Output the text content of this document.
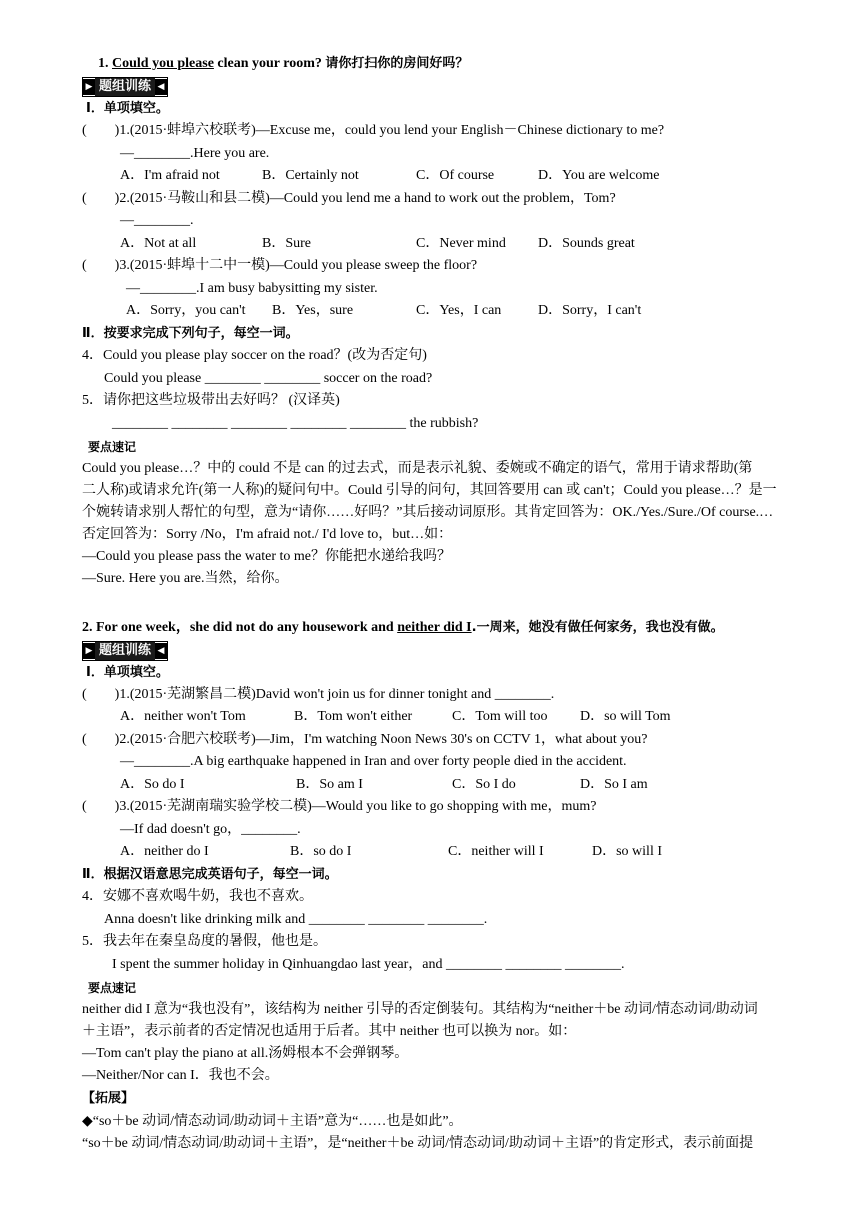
1. Could you please clean your room? 请你打扫你的房间好吗？
▶ 题组训练 ◀
Ⅰ．单项填空。
(　　)1.(2015·蚌埠六校联考)—Excuse me，could you lend your English－Chinese dictionary to me?
—________.Here you are.
A．I'm afraid not	B．Certainly not	C．Of course	D．You are welcome
(　　)2.(2015·马鞍山和县二模)—Could you lend me a hand to work out the problem，Tom?
—________.
A．Not at all	B．Sure	C．Never mind D．Sounds great
(　　)3.(2015·蚌埠十二中一模)—Could you please sweep the floor?
—________.I am busy babysitting my sister.
A．Sorry，you can't B．Yes，sure	C．Yes，I can	D．Sorry，I can't
Ⅱ．按要求完成下列句子，每空一词。
4．Could you please play soccer on the road？(改为否定句)
Could you please ________ ________ soccer on the road?
5．请你把这些垃圾带出去好吗？ (汉译英)
________ ________ ________ ________ ________ the rubbish?
要点速记
Could you please…？中的 could 不是 can 的过去式，而是表示礼貌、委婉或不确定的语气，常用于请求帮助(第
二人称)或请求允许(第一人称)的疑问句中。Could 引导的问句，其回答要用 can 或 can't；Could you please…？是一
个婉转请求别人帮忙的句型，意为“请你……好吗？”其后接动词原形。其肯定回答为：OK./Yes./Sure./Of course.…
否定回答为：Sorry /No，I'm afraid not./ I'd love to，but…如：
—Could you please pass the water to me？你能把水递给我吗？
—Sure. Here you are.当然，给你。
2. For one week，she did not do any housework and neither did I.一周来，她没有做任何家务，我也没有做。
▶ 题组训练 ◀
Ⅰ．单项填空。
(　　)1.(2015·芜湖繁昌二模)David won't join us for dinner tonight and ________.
A．neither won't Tom	B．Tom won't either	C．Tom will too D．so will Tom
(　　)2.(2015·合肥六校联考)—Jim，I'm watching Noon News 30's on CCTV 1，what about you?
—________.A big earthquake happened in Iran and over forty people died in the accident.
A．So do I	B．So am I	C．So I do	D．So I am
(　　)3.(2015·芜湖南瑞实验学校二模)—Would you like to go shopping with me，mum?
—If dad doesn't go，________.
A．neither do I	B．so do I	C．neither will I	D．so will I
Ⅱ．根据汉语意思完成英语句子，每空一词。
4．安娜不喜欢喝牛奶，我也不喜欢。
Anna doesn't like drinking milk and ________ ________ ________.
5．我去年在秦皇岛度的暑假，他也是。
I spent the summer holiday in Qinhuangdao last year，and ________ ________ ________.
要点速记
neither did I 意为“我也没有”，该结构为 neither 引导的否定倒装句。其结构为“neither＋be 动词/情态动词/助动词
＋主语”，表示前者的否定情况也适用于后者。其中 neither 也可以换为 nor。如：
—Tom can't play the piano at all.汤姆根本不会弹钢琴。
—Neither/Nor can I．我也不会。
【拓展】
◆“so＋be 动词/情态动词/助动词＋主语”意为“……也是如此”。
“so＋be 动词/情态动词/助动词＋主语”，是“neither＋be 动词/情态动词/助动词＋主语”的肯定形式，表示前面提
